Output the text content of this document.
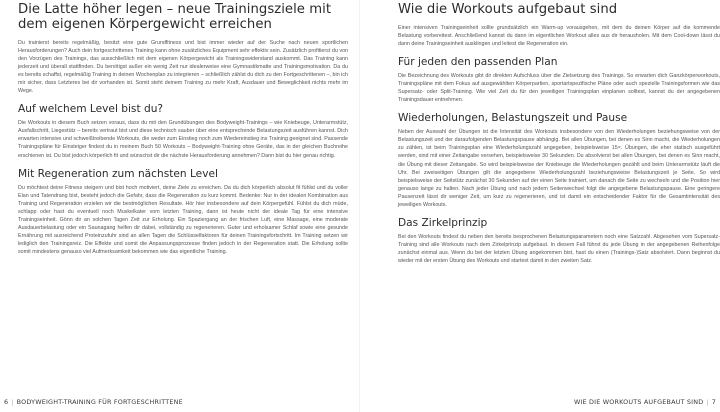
Die Latte höher legen – neue Trainingsziele mit dem eigenen Körpergewicht erreichen

Du trainierst bereits regelmäßig, besitzt eine gute Grundfitness und bist immer wieder auf der Suche nach neuen sportlichen Herausforderungen? Auch dein fortgeschrittenes Training kann ohne zusätzliches Equipment sehr effektiv sein. Zusätzlich profitierst du von den Vorzügen des Trainings, das ausschließlich mit dem eigenen Körpergewicht als Trainingswiderstand auskommt. Das Training kann jederzeit und überall stattfinden. Du benötigst außer ein wenig Zeit nur idealerweise eine Gymnastikmatte und Trainingsmotivation. Da du es bereits schaffst, regelmäßig Training in deinen Wochenplan zu integrieren – schließlich zählst du dich zu den Fortgeschrittenen –, bin ich mir sicher, dass Letzteres bei dir vorhanden ist. Somit steht deinem Training zu mehr Kraft, Ausdauer und Beweglichkeit nichts mehr im Wege.

Auf welchem Level bist du?

Die Workouts in diesem Buch setzen voraus, dass du mit den Grundübungen des Bodyweight-Trainings – wie Kniebeuge, Unterarmstütz, Ausfallschritt, Liegestütz – bereits vertraut bist und diese technisch sauber über eine entsprechende Belastungszeit ausführen kannst. Dich erwarten intensive und schweißtreibende Workouts, die weder zum Einstieg noch zum Wiedereinstieg ins Training geeignet sind. Passende Trainingspläne für Einsteiger findest du in meinem Buch 50 Workouts – Bodyweight-Training ohne Geräte, das in der gleichen Buchreihe erschienen ist. Du bist jedoch körperlich fit und wünschst dir die nächste Herausforderung annehmen? Dann bist du hier genau richtig.

Mit Regeneration zum nächsten Level

Du möchtest deine Fitness steigern und bist hoch motiviert, deine Ziele zu erreichen. Da du dich körperlich absolut fit fühlst und du voller Elan und Tatendrang bist, besteht jedoch die Gefahr, dass die Regeneration zu kurz kommt. Bedenke: Nur in der idealen Kombination aus Training und Regeneration erzielen wir die bestmöglichen Resultate. Hör hier insbesondere auf dein Körpergefühl. Fühlst du dich müde, schlapp oder hast du eventuell noch Muskelkater vom letzten Training, dann ist heute nicht der ideale Tag für eine intensive Trainingseinheit. Gönn dir an solchen Tagen Zeit zur Erholung. Ein Spaziergang an der frischen Luft, eine Massage, eine moderate Ausdauerbelastung oder ein Saunagang helfen dir dabei, vollständig zu regenerieren. Guter und erholsamer Schlaf sowie eine gesunde Ernährung mit ausreichend Proteinzufuhr sind an allen Tagen die Schlüsselfaktoren für deinen Trainingsfortschritt. Im Training setzen wir lediglich den Trainingsreiz. Die Effekte und somit die Anpassungsprozesse finden jedoch in der Regeneration statt. Die Erholung sollte somit mindestens genauso viel Aufmerksamkeit bekommen wie das eigentliche Training.

Wie die Workouts aufgebaut sind

Einer intensiven Trainingseinheit sollte grundsätzlich ein Warm-up vorausgehen, mit dem du deinen Körper auf die kommende Belastung vorbereitest. Anschließend kannst du dann im eigentlichen Workout alles aus dir herausholen. Mit dem Cool-down lässt du dann deine Trainingseinheit ausklingen und leitest die Regeneration ein.

Für jeden den passenden Plan

Die Bezeichnung des Workouts gibt dir direkten Aufschluss über die Zielsetzung des Trainings. So erwarten dich Ganzkörperworkouts, Trainingspläne mit dem Fokus auf ausgewählten Körperpartien, sportartspezifische Pläne oder auch spezielle Trainingsformen wie das Supersatz- oder Split-Training. Wie viel Zeit du für den jeweiligen Trainingsplan einplanen solltest, kannst du der angegebenen Trainingsdauer entnehmen.

Wiederholungen, Belastungszeit und Pause

Neben der Auswahl der Übungen ist die Intensität des Workouts insbesondere von den Wiederholungen beziehungsweise von der Belastungszeit und der daraufolgenden Belastungspause abhängig. Bei allen Übungen, bei denen es Sinn macht, die Wiederholungen zu zählen, ist beim Trainingsplan eine Wiederholungszahl angegeben, beispielsweise 15×. Übungen, die eher statisch ausgeführt werden, sind mit einer Zeitangabe versehen, beispielsweise 30 Sekunden. Du absolvierst bei allen Übungen, bei denen es Sinn macht, die Übung mit dieser Zeitangabe. So wird beispielsweise der Kniebeuge die Wiederholungen gezählt und beim Unterarmstütz läuft die Uhr. Bei zweiseitigen Übungen gilt die angegebene Wiederholungszahl beziehungsweise Belastungszeit je Seite. So wird beispielsweise der Seitstütz zunächst 30 Sekunden auf der einen Seite trainiert, um danach die Seite zu wechseln und die Position hier genauso lange zu halten. Nach jeder Übung und nach jedem Seitenwechsel folgt die angegebene Belastungspause. Eine geringere Pausenzeit lässt dir weniger Zeit, um kurz zu regenerieren, und ist damit ein entscheidender Faktor für die Gesamtintensität des jeweiligen Workouts.

Das Zirkelprinzip

Bei den Workouts findest du neben den bereits besprochenen Belastungsparametern noch eine Satzzahl. Abgesehen vom Supersatz-Training sind alle Workouts nach dem Zirkelprinzip aufgebaut. In diesem Fall führst du jede Übung in der angegebenen Reihenfolge zunächst einmal aus. Wenn du bei der letzten Übung angekommen bist, hast du einen (Trainings-)Satz absolviert. Dann beginnst du wieder mit der ersten Übung des Workouts und startest damit in den zweiten Satz.

6 | BODYWEIGHT-TRAINING FÜR FORTGESCHRITTENE	WIE DIE WORKOUTS AUFGEBAUT SIND | 7
